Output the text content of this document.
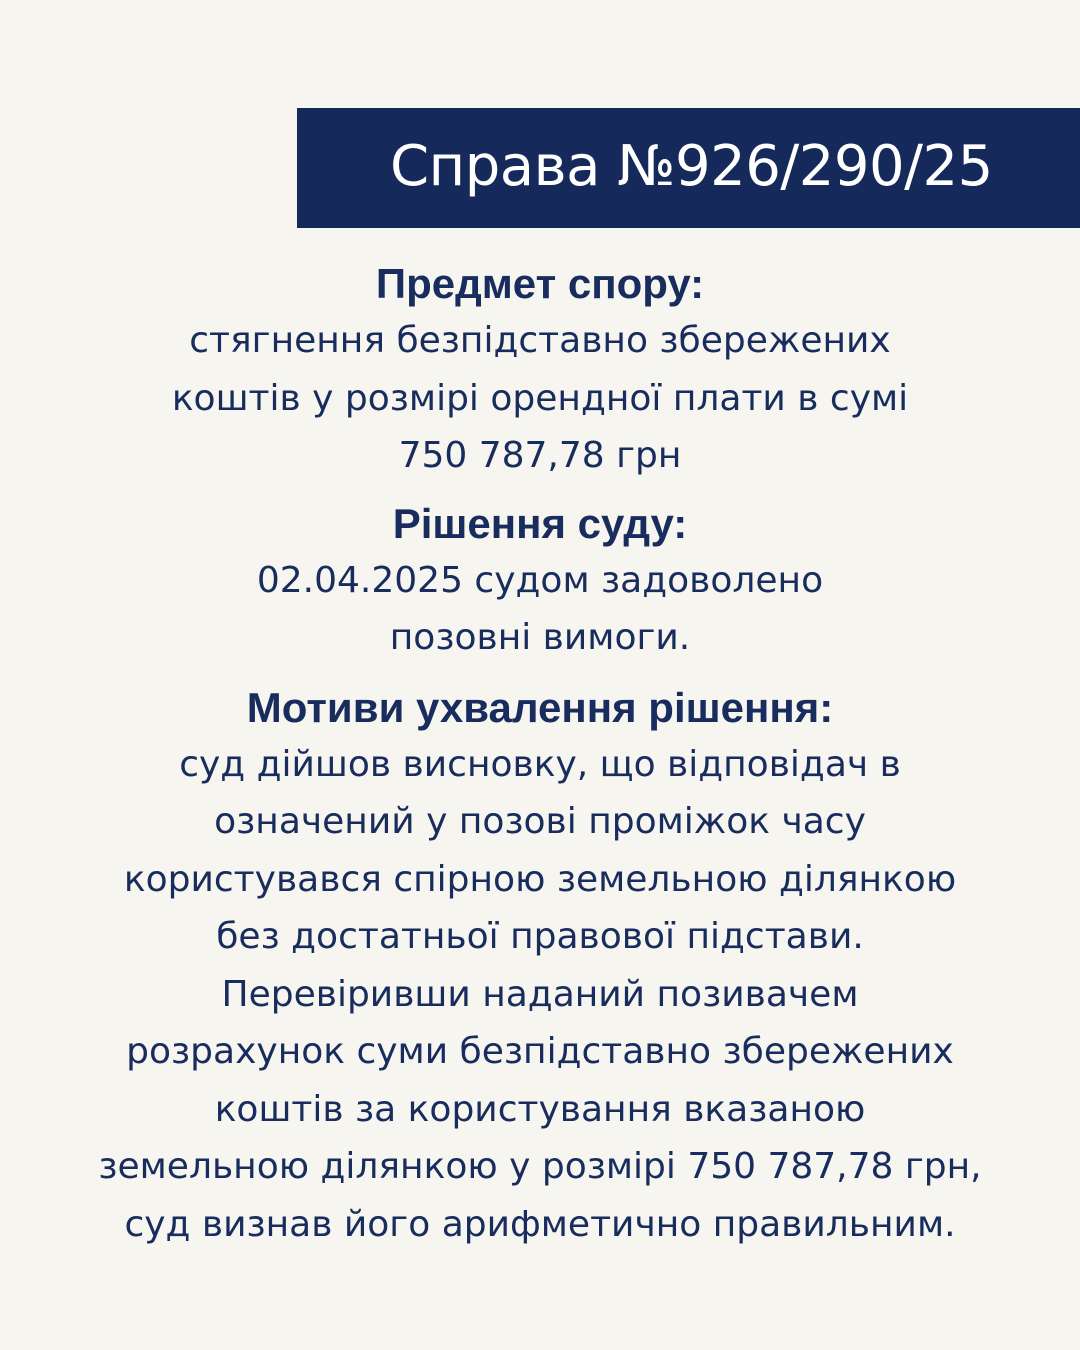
Справа №926/290/25
Предмет спору:
стягнення безпідставно збережених
коштів у розмірі орендної плати в сумі
750 787,78 грн
Рішення суду:
02.04.2025 судом задоволено
позовні вимоги.
Мотиви ухвалення рішення:
суд дійшов висновку, що відповідач в
означений у позові проміжок часу
користувався спірною земельною ділянкою
без достатньої правової підстави.
Перевіривши наданий позивачем
розрахунок суми безпідставно збережених
коштів за користування вказаною
земельною ділянкою у розмірі 750 787,78 грн,
суд визнав його арифметично правильним.
